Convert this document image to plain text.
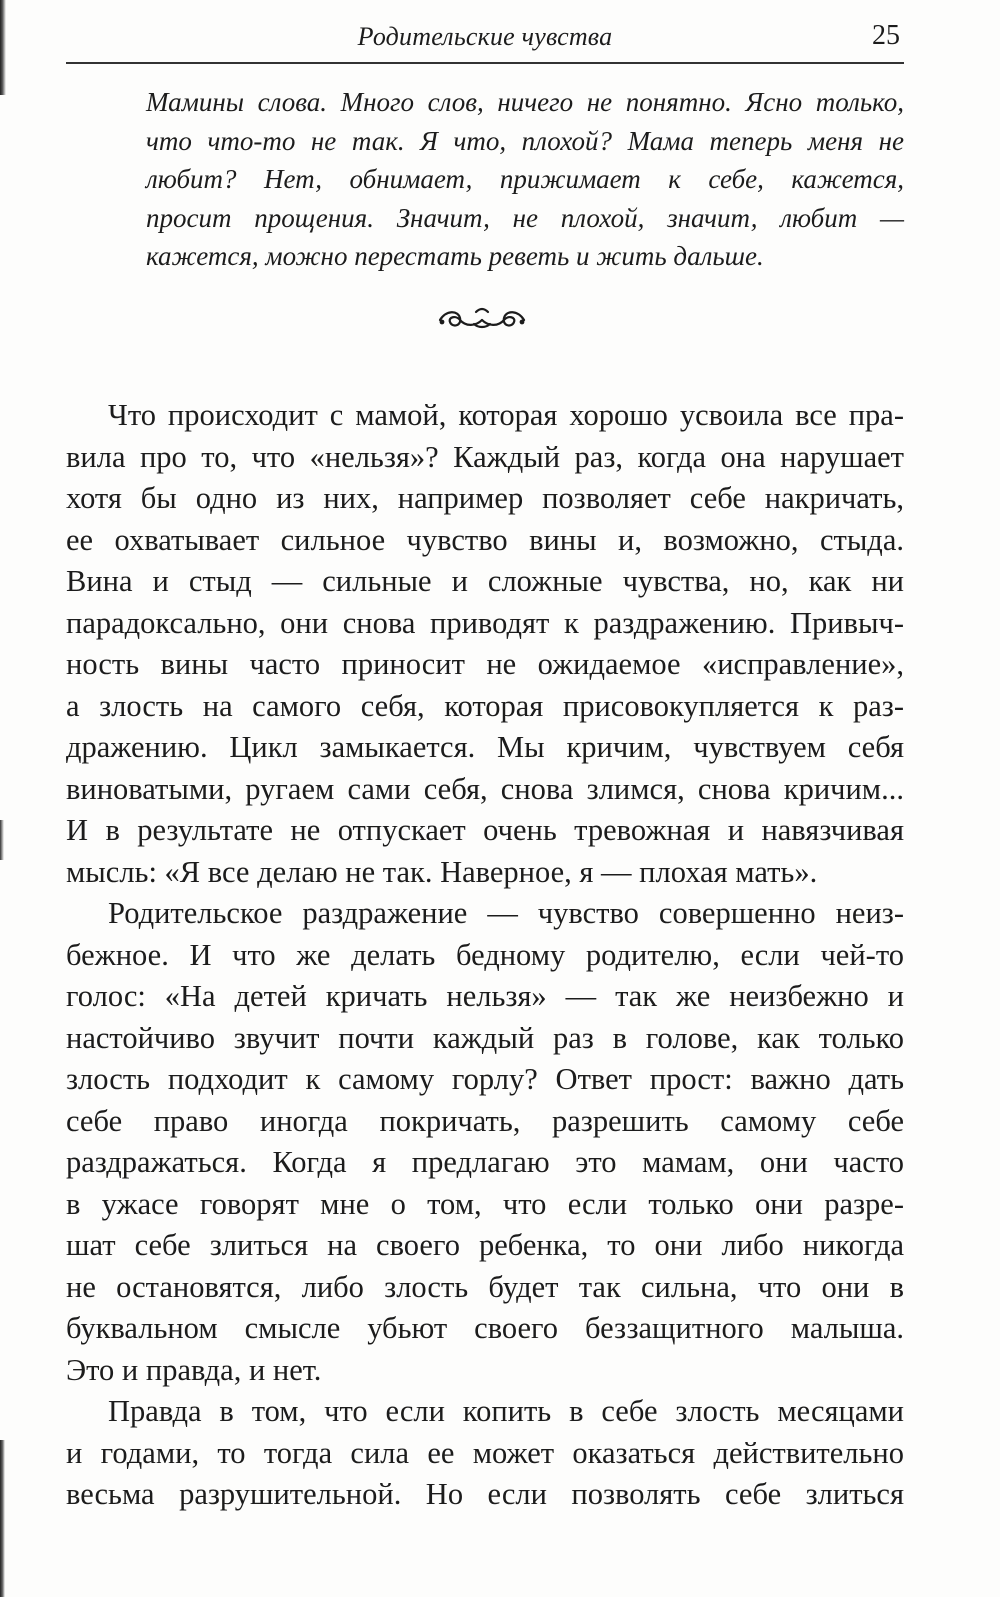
Родительские чувства	25
Мамины слова. Много слов, ничего не понятно. Ясно только,
что что-то не так. Я что, плохой? Мама теперь меня не
любит? Нет, обнимает, прижимает к себе, кажется,
просит прощения. Значит, не плохой, значит, любит —
кажется, можно перестать реветь и жить дальше.
Что происходит с мамой, которая хорошо усвоила все пра-
вила про то, что «нельзя»? Каждый раз, когда она нарушает
хотя бы одно из них, например позволяет себе накричать,
ее охватывает сильное чувство вины и, возможно, стыда.
Вина и стыд — сильные и сложные чувства, но, как ни
парадоксально, они снова приводят к раздражению. Привыч-
ность вины часто приносит не ожидаемое «исправление»,
а злость на самого себя, которая присовокупляется к раз-
дражению. Цикл замыкается. Мы кричим, чувствуем себя
виноватыми, ругаем сами себя, снова злимся, снова кричим...
И в результате не отпускает очень тревожная и навязчивая
мысль: «Я все делаю не так. Наверное, я — плохая мать».
Родительское раздражение — чувство совершенно неиз-
бежное. И что же делать бедному родителю, если чей-то
голос: «На детей кричать нельзя» — так же неизбежно и
настойчиво звучит почти каждый раз в голове, как только
злость подходит к самому горлу? Ответ прост: важно дать
себе право иногда покричать, разрешить самому себе
раздражаться. Когда я предлагаю это мамам, они часто
в ужасе говорят мне о том, что если только они разре-
шат себе злиться на своего ребенка, то они либо никогда
не остановятся, либо злость будет так сильна, что они в
буквальном смысле убьют своего беззащитного малыша.
Это и правда, и нет.
Правда в том, что если копить в себе злость месяцами
и годами, то тогда сила ее может оказаться действительно
весьма разрушительной. Но если позволять себе злиться
